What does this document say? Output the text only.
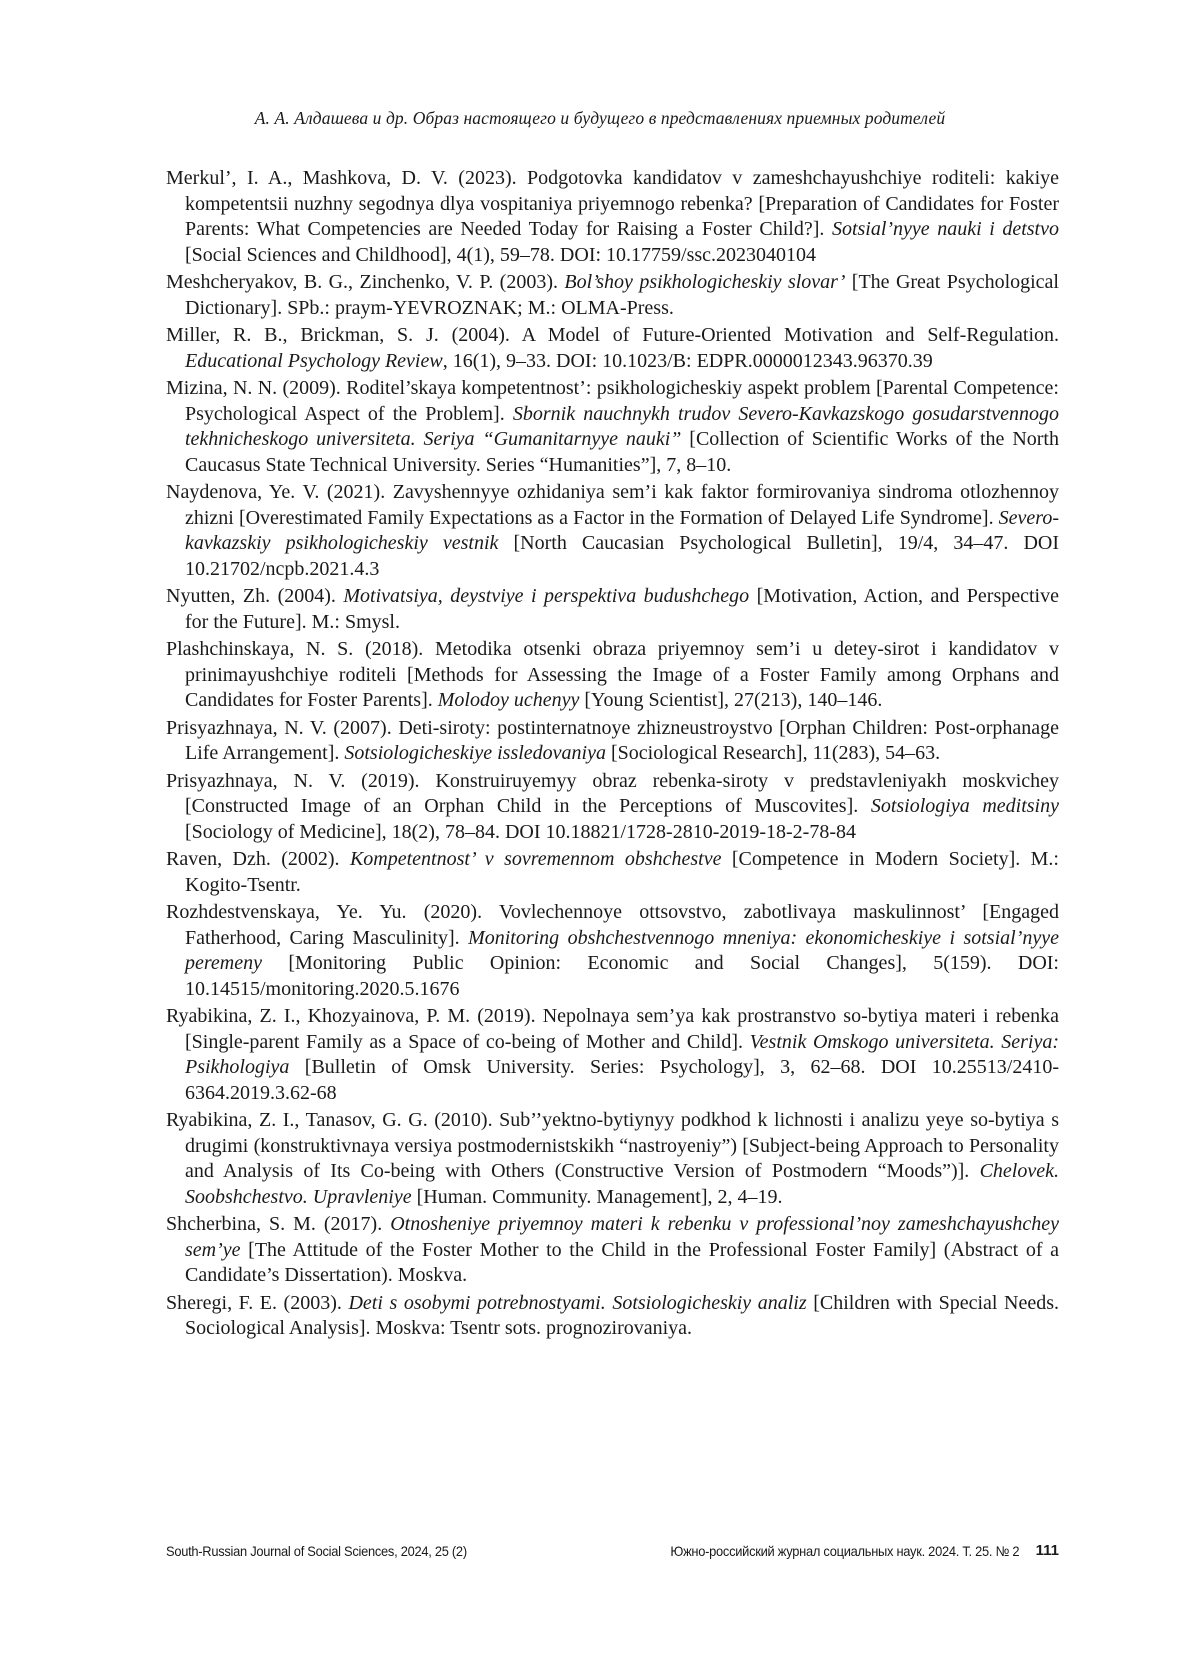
А. А. Алдашева и др. Образ настоящего и будущего в представлениях приемных родителей

Merkul’, I. A., Mashkova, D. V. (2023). Podgotovka kandidatov v zameshchayushchiye roditeli: kakiye kompetentsii nuzhny segodnya dlya vospitaniya priyemnogo rebenka? [Preparation of Candidates for Foster Parents: What Competencies are Needed Today for Raising a Foster Child?]. Sotsial’nyye nauki i detstvo [Social Sciences and Childhood], 4(1), 59–78. DOI: 10.17759/ssc.2023040104

Meshcheryakov, B. G., Zinchenko, V. P. (2003). Bol’shoy psikhologicheskiy slovar’ [The Great Psychological Dictionary]. SPb.: praym-YEVROZNAK; M.: OLMA-Press.

Miller, R. B., Brickman, S. J. (2004). A Model of Future-Oriented Motivation and Self-Regulation. Educational Psychology Review, 16(1), 9–33. DOI: 10.1023/B: EDPR.0000012343.96370.39

Mizina, N. N. (2009). Roditel’skaya kompetentnost’: psikhologicheskiy aspekt problem [Parental Competence: Psychological Aspect of the Problem]. Sbornik nauchnykh trudov Severo-Kavkazskogo gosudarstvennogo tekhnicheskogo universiteta. Seriya “Gumanitarnyye nauki” [Collection of Scientific Works of the North Caucasus State Technical University. Series “Humanities”], 7, 8–10.

Naydenova, Ye. V. (2021). Zavyshennyye ozhidaniya sem’i kak faktor formirovaniya sindroma otlozhennoy zhizni [Overestimated Family Expectations as a Factor in the Formation of Delayed Life Syndrome]. Severo-kavkazskiy psikhologicheskiy vestnik [North Caucasian Psychological Bulletin], 19/4, 34–47. DOI 10.21702/ncpb.2021.4.3

Nyutten, Zh. (2004). Motivatsiya, deystviye i perspektiva budushchego [Motivation, Action, and Perspective for the Future]. M.: Smysl.

Plashchinskaya, N. S. (2018). Metodika otsenki obraza priyemnoy sem’i u detey-sirot i kandidatov v prinimayushchiye roditeli [Methods for Assessing the Image of a Foster Family among Orphans and Candidates for Foster Parents]. Molodoy uchenyy [Young Scientist], 27(213), 140–146.

Prisyazhnaya, N. V. (2007). Deti-siroty: postinternatnoye zhizneustroystvo [Orphan Children: Post-orphanage Life Arrangement]. Sotsiologicheskiye issledovaniya [Sociological Research], 11(283), 54–63.

Prisyazhnaya, N. V. (2019). Konstruiruyemyy obraz rebenka-siroty v predstavleniyakh moskvichey [Constructed Image of an Orphan Child in the Perceptions of Muscovites]. Sotsiologiya meditsiny [Sociology of Medicine], 18(2), 78–84. DOI 10.18821/1728-2810-2019-18-2-78-84

Raven, Dzh. (2002). Kompetentnost’ v sovremennom obshchestve [Competence in Modern Society]. M.: Kogito-Tsentr.

Rozhdestvenskaya, Ye. Yu. (2020). Vovlechennoye ottsovstvo, zabotlivaya maskulinnost’ [Engaged Fatherhood, Caring Masculinity]. Monitoring obshchestvennogo mneniya: ekonomicheskiye i sotsial’nyye peremeny [Monitoring Public Opinion: Economic and Social Changes], 5(159). DOI: 10.14515/monitoring.2020.5.1676

Ryabikina, Z. I., Khozyainova, P. M. (2019). Nepolnaya sem’ya kak prostranstvo so-bytiya materi i rebenka [Single-parent Family as a Space of co-being of Mother and Child]. Vestnik Omskogo universiteta. Seriya: Psikhologiya [Bulletin of Omsk University. Series: Psychology], 3, 62–68. DOI 10.25513/2410-6364.2019.3.62-68

Ryabikina, Z. I., Tanasov, G. G. (2010). Sub’’yektno-bytiynyy podkhod k lichnosti i analizu yeye so-bytiya s drugimi (konstruktivnaya versiya postmodernistskikh “nastroyeniy”) [Subject-being Approach to Personality and Analysis of Its Co-being with Others (Constructive Version of Postmodern “Moods”)]. Chelovek. Soobshchestvo. Upravleniye [Human. Community. Management], 2, 4–19.

Shcherbina, S. M. (2017). Otnosheniye priyemnoy materi k rebenku v professional’noy zameshchayushchey sem’ye [The Attitude of the Foster Mother to the Child in the Professional Foster Family] (Abstract of a Candidate’s Dissertation). Moskva.

Sheregi, F. E. (2003). Deti s osobymi potrebnostyami. Sotsiologicheskiy analiz [Children with Special Needs. Sociological Analysis]. Moskva: Tsentr sots. prognozirovaniya.

South-Russian Journal of Social Sciences, 2024, 25 (2)	Южно-российский журнал социальных наук. 2024. Т. 25. № 2 111
